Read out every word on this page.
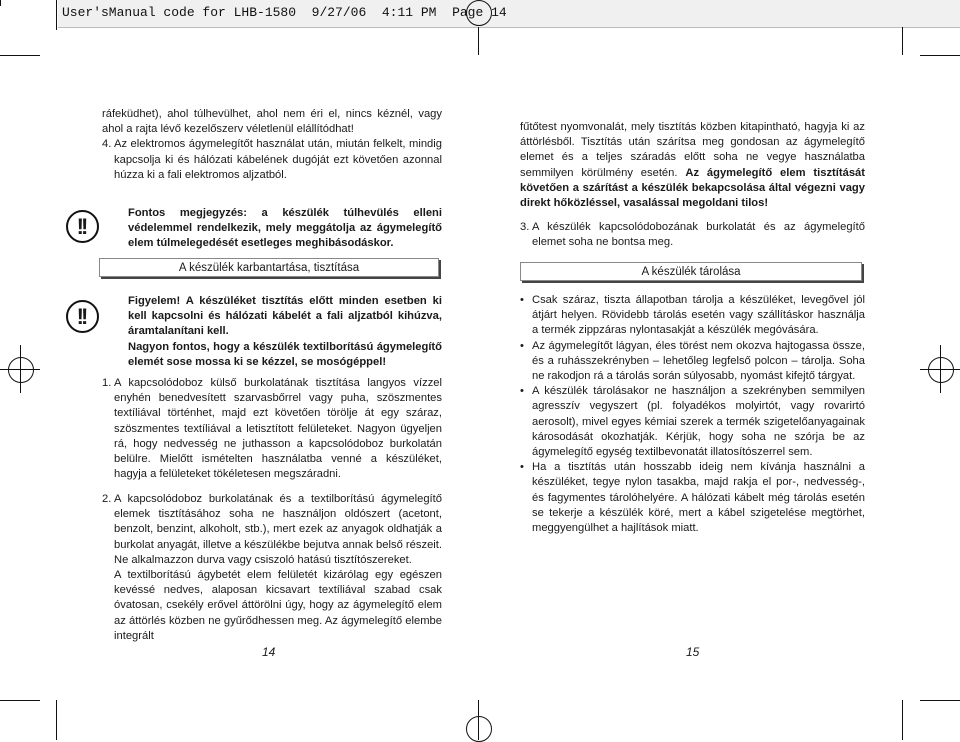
User'sManual code for LHB-1580  9/27/06  4:11 PM  Page 14

ráfeküdhet), ahol túlhevülhet, ahol nem éri el, nincs kéznél, vagy ahol a rajta lévő kezelőszerv véletlenül elállítódhat!

4. Az elektromos ágymelegítőt használat után, miután felkelt, mindig kapcsolja ki és hálózati kábelének dugóját ezt követően azonnal húzza ki a fali elektromos aljzatból.
!!
Fontos megjegyzés: a készülék túlhevülés elleni védelemmel rendelkezik, mely meggátolja az ágymelegítő elem túlmelegedését esetleges meghibásodáskor.
A készülék karbantartása, tisztítása
!!

Figyelem! A készüléket tisztítás előtt minden esetben ki kell kapcsolni és hálózati kábelét a fali aljzatból kihúzva, áramtalanítani kell.

Nagyon fontos, hogy a készülék textilborítású ágymelegítő elemét sose mossa ki se kézzel, se mosógéppel!

1. A kapcsolódoboz külső burkolatának tisztítása langyos vízzel enyhén benedvesített szarvasbőrrel vagy puha, szöszmentes textíliával történhet, majd ezt követően törölje át egy száraz, szöszmentes textíliával a letisztított felületeket. Nagyon ügyeljen rá, hogy nedvesség ne juthasson a kapcsolódoboz burkolatán belülre. Mielőtt ismételten használatba venné a készüléket, hagyja a felületeket tökéletesen megszáradni.
2. A kapcsolódoboz burkolatának és a textilborítású ágymelegítő elemek tisztításához soha ne használjon oldószert (acetont, benzolt, benzint, alkoholt, stb.), mert ezek az anyagok oldhatják a burkolat anyagát, illetve a készülékbe bejutva annak belső részeit. Ne alkalmazzon durva vagy csiszoló hatású tisztítószereket.
A textilborítású ágybetét elem felületét kizárólag egy egészen kevéssé nedves, alaposan kicsavart textíliával szabad csak óvatosan, csekély erővel áttörölni úgy, hogy az ágymelegítő elem az áttörlés közben ne gyűrődhessen meg. Az ágymelegítő elembe integrált
14
fűtőtest nyomvonalát, mely tisztítás közben kitapintható, hagyja ki az áttörlésből. Tisztítás után szárítsa meg gondosan az ágymelegítő elemet és a teljes száradás előtt soha ne vegye használatba semmilyen körülmény esetén. Az ágymelegítő elem tisztítását követően a szárítást a készülék bekapcsolása által végezni vagy direkt hőközléssel, vasalással megoldani tilos!
3. A készülék kapcsolódobozának burkolatát és az ágymelegítő elemet soha ne bontsa meg.
A készülék tárolása
• Csak száraz, tiszta állapotban tárolja a készüléket, levegővel jól átjárt helyen. Rövidebb tárolás esetén vagy szállításkor használja a termék zippzáras nylontasakját a készülék megóvására.
• Az ágymelegítőt lágyan, éles törést nem okozva hajtogassa össze, és a ruhásszekrényben – lehetőleg legfelső polcon – tárolja. Soha ne rakodjon rá a tárolás során súlyosabb, nyomást kifejtő tárgyat.
• A készülék tárolásakor ne használjon a szekrényben semmilyen agresszív vegyszert (pl. folyadékos molyirtót, vagy rovarirtó aerosolt), mivel egyes kémiai szerek a termék szigetelőanyagainak károsodását okozhatják. Kérjük, hogy soha ne szórja be az ágymelegítő egység textilbevonatát illatosítószerrel sem.
• Ha a tisztítás után hosszabb ideig nem kívánja használni a készüléket, tegye nylon tasakba, majd rakja el por-, nedvesség-, és fagymentes tárolóhelyére. A hálózati kábelt még tárolás esetén se tekerje a készülék köré, mert a kábel szigetelése megtörhet, meggyengülhet a hajlítások miatt.
15
